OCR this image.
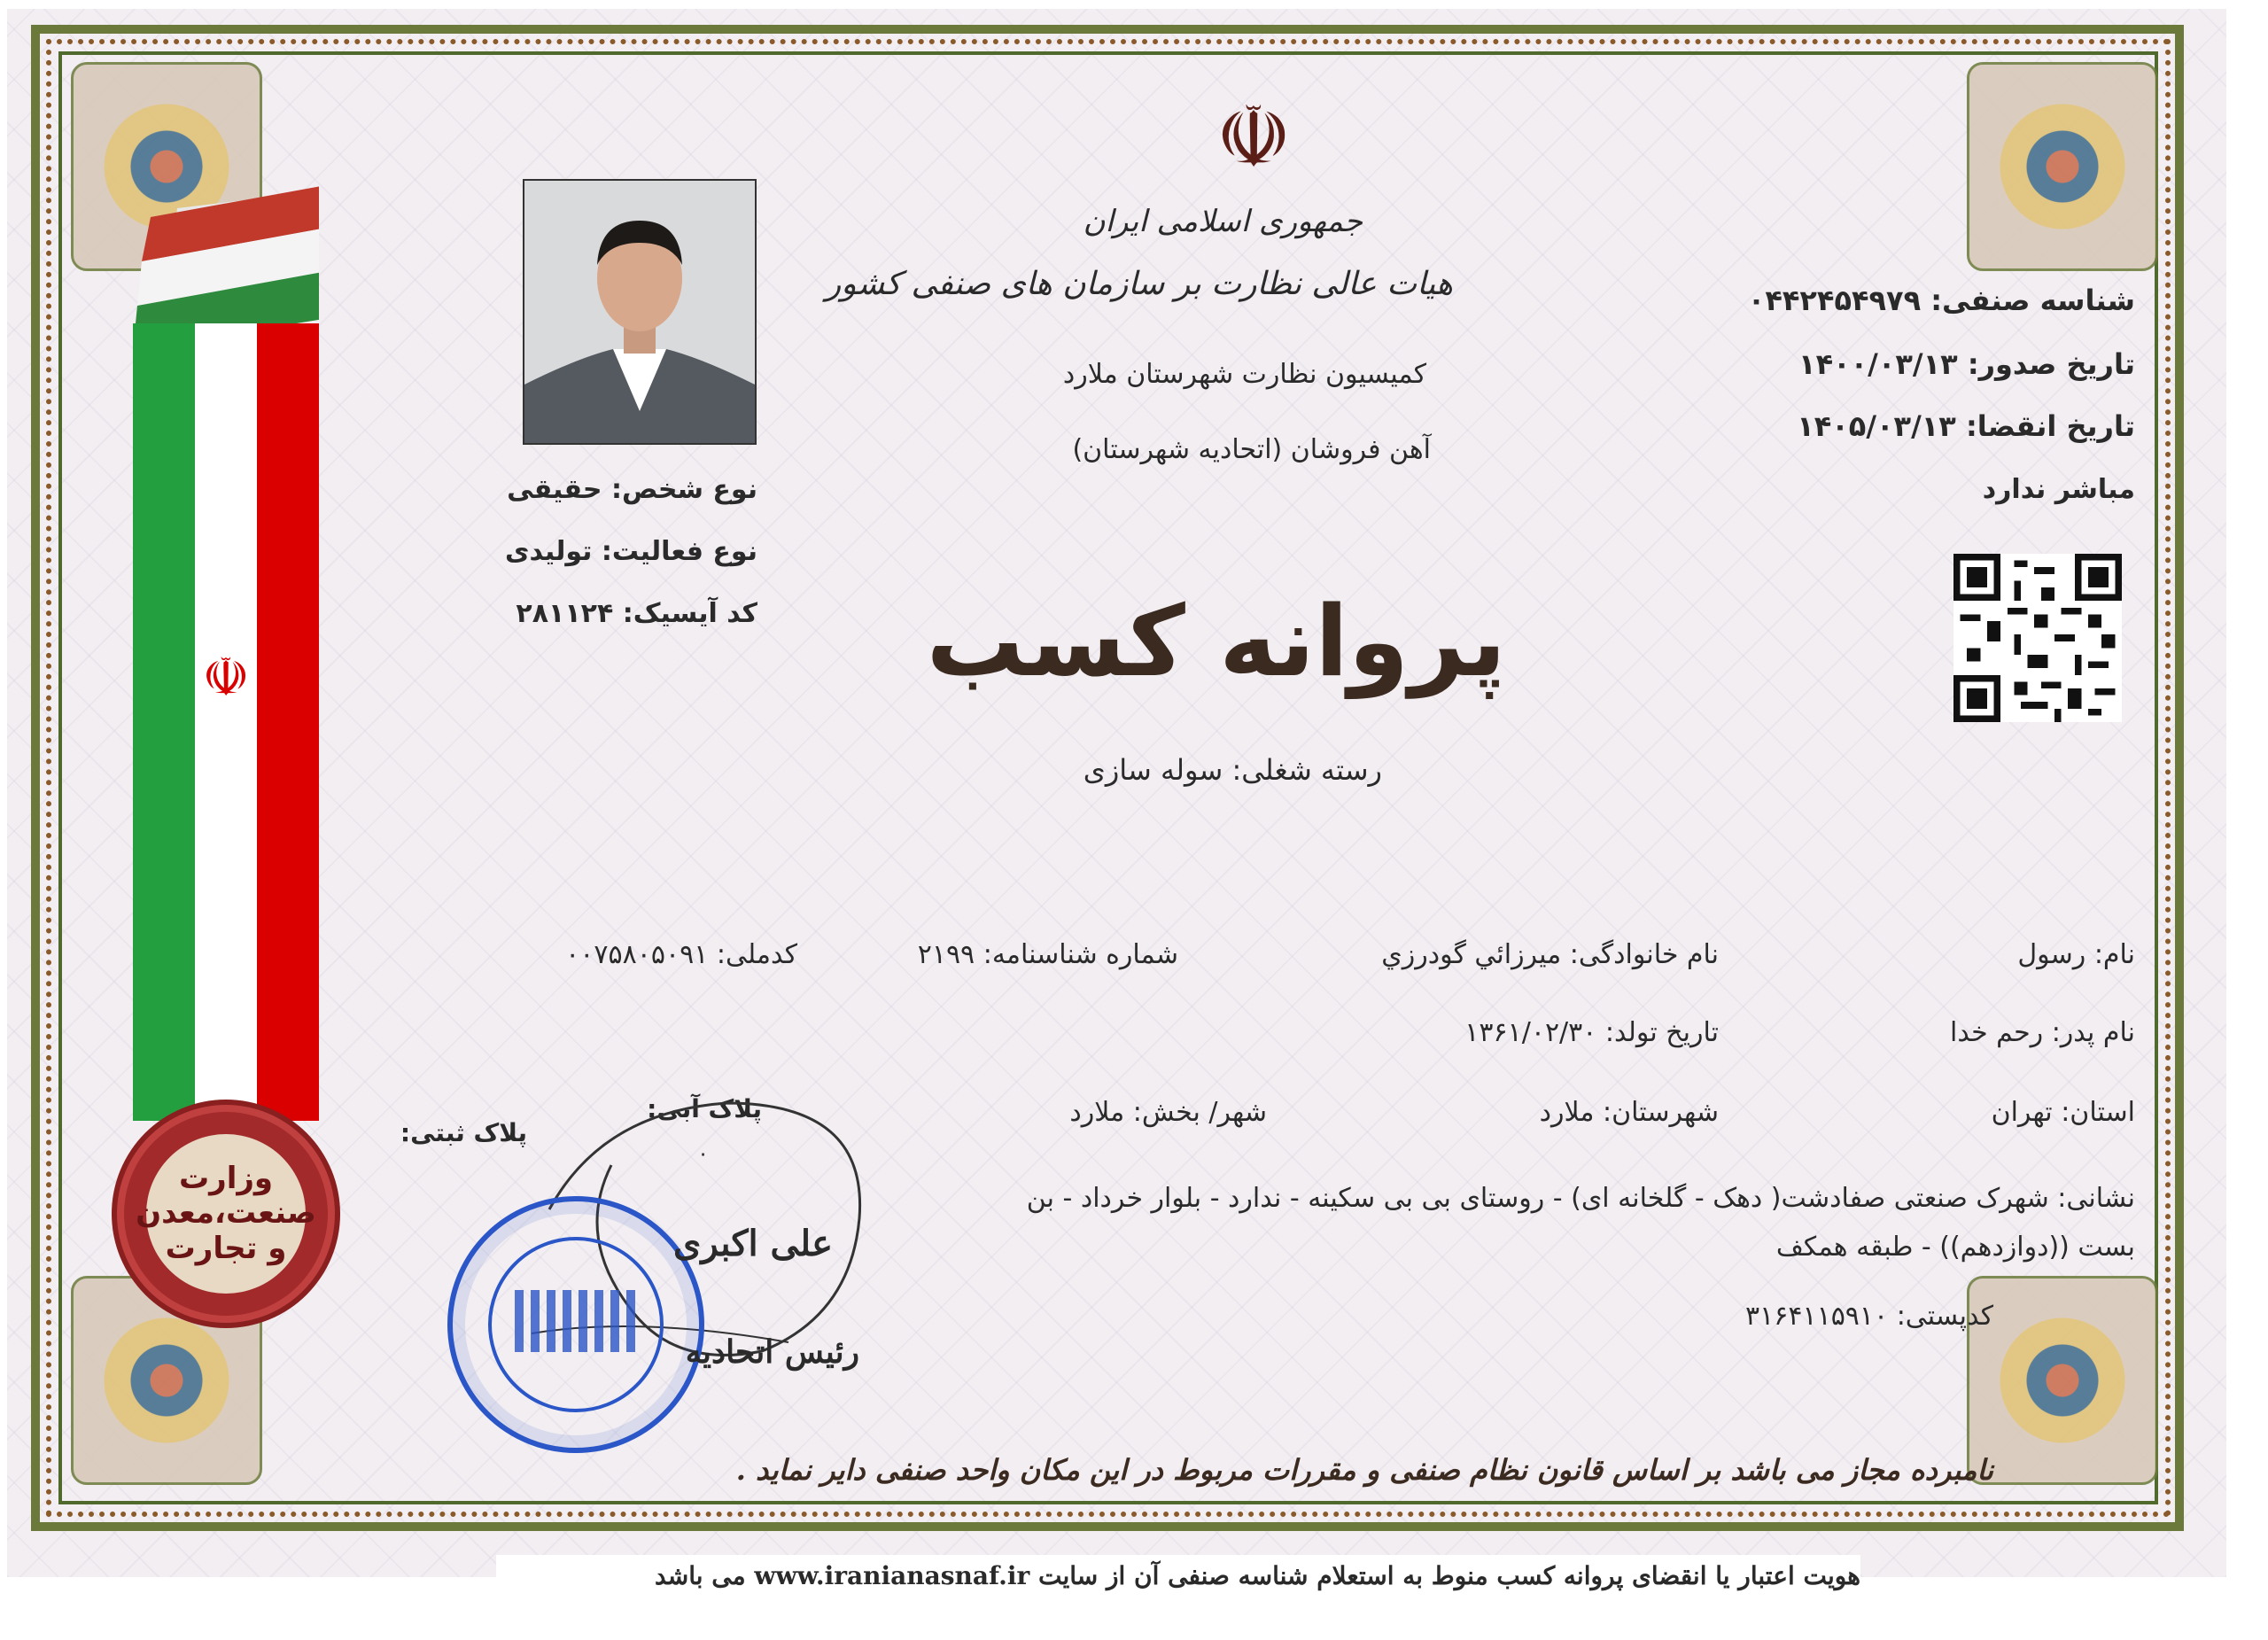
☫
وزارت صنعت،معدن و تجارت
☫
جمهوری اسلامی ایران
هیات عالی نظارت بر سازمان های صنفی کشور
کمیسیون نظارت شهرستان ملارد
آهن فروشان (اتحادیه شهرستان)
پروانه کسب
رسته شغلی: سوله سازی
نوع شخص: حقیقی
نوع فعالیت: تولیدی
کد آیسیک: ۲۸۱۱۲۴
شناسه صنفی: ۰۴۴۲۴۵۴۹۷۹
تاریخ صدور: ۱۴۰۰/۰۳/۱۳
تاریخ انقضا: ۱۴۰۵/۰۳/۱۳
مباشر ندارد
نام: رسول
نام خانوادگی: میرزائي گودرزي
شماره شناسنامه: ۲۱۹۹
کدملی: ۰۰۷۵۸۰۵۰۹۱
نام پدر: رحم خدا
تاریخ تولد: ۱۳۶۱/۰۲/۳۰
استان: تهران
شهرستان: ملارد
شهر/ بخش: ملارد
نشانی: شهرک صنعتی صفادشت( دهک - گلخانه ای) - روستای بی بی سکینه - ندارد - بلوار خرداد - بن
بست ((دوازدهم)) - طبقه همکف
کدپستی: ۳۱۶۴۱۱۵۹۱۰
پلاک آبی:
۰
پلاک ثبتی:
علی اکبری
رئیس اتحادیه
نامبرده مجاز می باشد بر اساس قانون نظام صنفی و مقررات مربوط در این مکان واحد صنفی دایر نماید .
هویت اعتبار یا انقضای پروانه کسب منوط به استعلام شناسه صنفی آن از سایت www.iranianasnaf.ir می باشد
